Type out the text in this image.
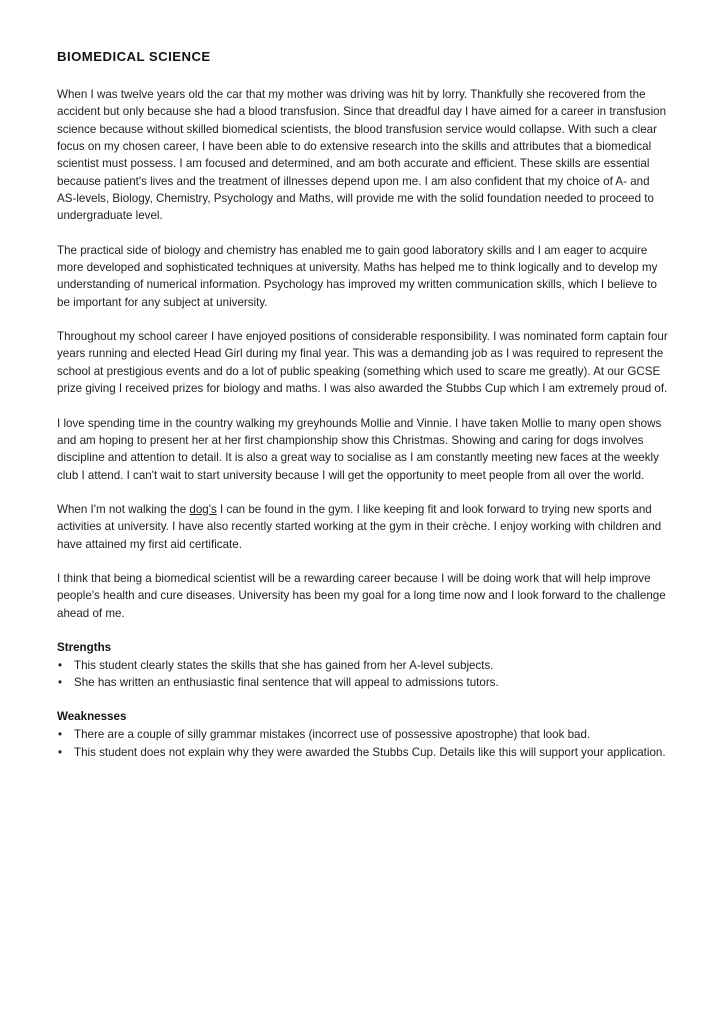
BIOMEDICAL SCIENCE

When I was twelve years old the car that my mother was driving was hit by lorry. Thankfully she recovered from the accident but only because she had a blood transfusion. Since that dreadful day I have aimed for a career in transfusion science because without skilled biomedical scientists, the blood transfusion service would collapse. With such a clear focus on my chosen career, I have been able to do extensive research into the skills and attributes that a biomedical scientist must possess. I am focused and determined, and am both accurate and efficient. These skills are essential because patient's lives and the treatment of illnesses depend upon me. I am also confident that my choice of A- and AS-levels, Biology, Chemistry, Psychology and Maths, will provide me with the solid foundation needed to proceed to undergraduate level.

The practical side of biology and chemistry has enabled me to gain good laboratory skills and I am eager to acquire more developed and sophisticated techniques at university. Maths has helped me to think logically and to develop my understanding of numerical information. Psychology has improved my written communication skills, which I believe to be important for any subject at university.

Throughout my school career I have enjoyed positions of considerable responsibility. I was nominated form captain four years running and elected Head Girl during my final year. This was a demanding job as I was required to represent the school at prestigious events and do a lot of public speaking (something which used to scare me greatly). At our GCSE prize giving I received prizes for biology and maths. I was also awarded the Stubbs Cup which I am extremely proud of.

I love spending time in the country walking my greyhounds Mollie and Vinnie. I have taken Mollie to many open shows and am hoping to present her at her first championship show this Christmas. Showing and caring for dogs involves discipline and attention to detail. It is also a great way to socialise as I am constantly meeting new faces at the weekly club I attend. I can't wait to start university because I will get the opportunity to meet people from all over the world.

When I'm not walking the dog's I can be found in the gym. I like keeping fit and look forward to trying new sports and activities at university. I have also recently started working at the gym in their crèche. I enjoy working with children and have attained my first aid certificate.

I think that being a biomedical scientist will be a rewarding career because I will be doing work that will help improve people's health and cure diseases. University has been my goal for a long time now and I look forward to the challenge ahead of me.

Strengths
• This student clearly states the skills that she has gained from her A-level subjects.
• She has written an enthusiastic final sentence that will appeal to admissions tutors.
Weaknesses
• There are a couple of silly grammar mistakes (incorrect use of possessive apostrophe) that look bad.
• This student does not explain why they were awarded the Stubbs Cup. Details like this will support your application.
